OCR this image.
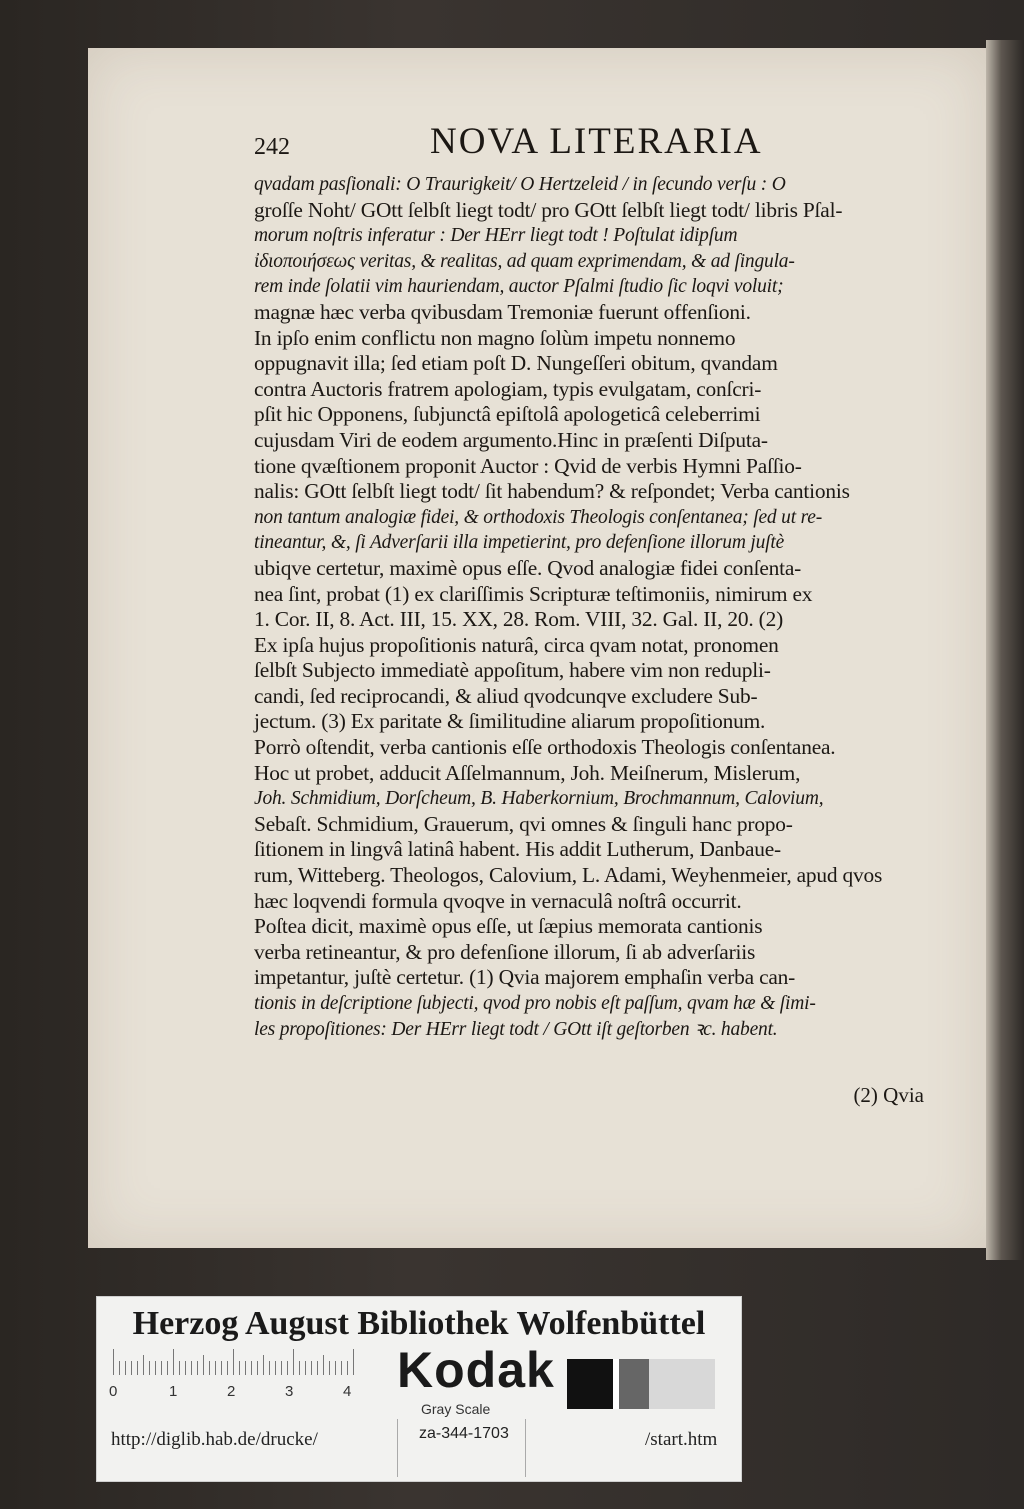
242	NOVA LITERARIA
qvadam pasſionali: O Traurigkeit/ O Hertzeleid / in ſecundo verſu : O
groſſe Noht/ GOtt ſelbſt liegt todt/ pro GOtt ſelbſt liegt todt/ libris Pſal-
morum noſtris inferatur : Der HErr liegt todt ! Poſtulat idipſum
ἰδιοποιήσεως veritas, & realitas, ad quam exprimendam, & ad ſingula-
rem inde ſolatii vim hauriendam, auctor Pſalmi ſtudio ſic loqvi voluit;
magnæ hæc verba qvibusdam Tremoniæ fuerunt offenſioni.
In ipſo enim conflictu non magno ſolùm impetu nonnemo
oppugnavit illa; ſed etiam poſt D. Nungeſſeri obitum, qvandam
contra Auctoris fratrem apologiam, typis evulgatam, conſcri-
pſit hic Opponens, ſubjunctâ epiſtolâ apologeticâ celeberrimi
cujusdam Viri de eodem argumento.Hinc in præſenti Diſputa-
tione qvæſtionem proponit Auctor : Qvid de verbis Hymni Paſſio-
nalis: GOtt ſelbſt liegt todt/ ſit habendum? & reſpondet; Verba cantionis
non tantum analogiæ fidei, & orthodoxis Theologis conſentanea; ſed ut re-
tineantur, &, ſi Adverſarii illa impetierint, pro defenſione illorum juſtè
ubiqve certetur, maximè opus eſſe. Qvod analogiæ fidei conſenta-
nea ſint, probat (1) ex clariſſimis Scripturæ teſtimoniis, nimirum ex
1. Cor. II, 8. Act. III, 15. XX, 28. Rom. VIII, 32. Gal. II, 20. (2)
Ex ipſa hujus propoſitionis naturâ, circa qvam notat, pronomen
ſelbſt Subjecto immediatè appoſitum, habere vim non redupli-
candi, ſed reciprocandi, & aliud qvodcunqve excludere Sub-
jectum. (3) Ex paritate & ſimilitudine aliarum propoſitionum.
Porrò oſtendit, verba cantionis eſſe orthodoxis Theologis conſentanea.
Hoc ut probet, adducit Aſſelmannum, Joh. Meiſnerum, Mislerum,
Joh. Schmidium, Dorſcheum, B. Haberkornium, Brochmannum, Calovium,
Sebaſt. Schmidium, Grauerum, qvi omnes & ſinguli hanc propo-
ſitionem in lingvâ latinâ habent. His addit Lutherum, Danbaue-
rum, Witteberg. Theologos, Calovium, L. Adami, Weyhenmeier, apud qvos
hæc loqvendi formula qvoqve in vernaculâ noſtrâ occurrit.
Poſtea dicit, maximè opus eſſe, ut ſæpius memorata cantionis
verba retineantur, & pro defenſione illorum, ſi ab adverſariis
impetantur, juſtè certetur. (1) Qvia majorem emphaſin verba can-
tionis in deſcriptione ſubjecti, qvod pro nobis eſt paſſum, qvam hæ & ſimi-
les propoſitiones: Der HErr liegt todt / GOtt iſt geſtorben ꝛc. habent.
(2) Qvia
Herzog August Bibliothek Wolfenbüttel
0	1	2	3	4 Kodak
Gray Scale
za-344-1703
http://diglib.hab.de/drucke/	/start.htm
